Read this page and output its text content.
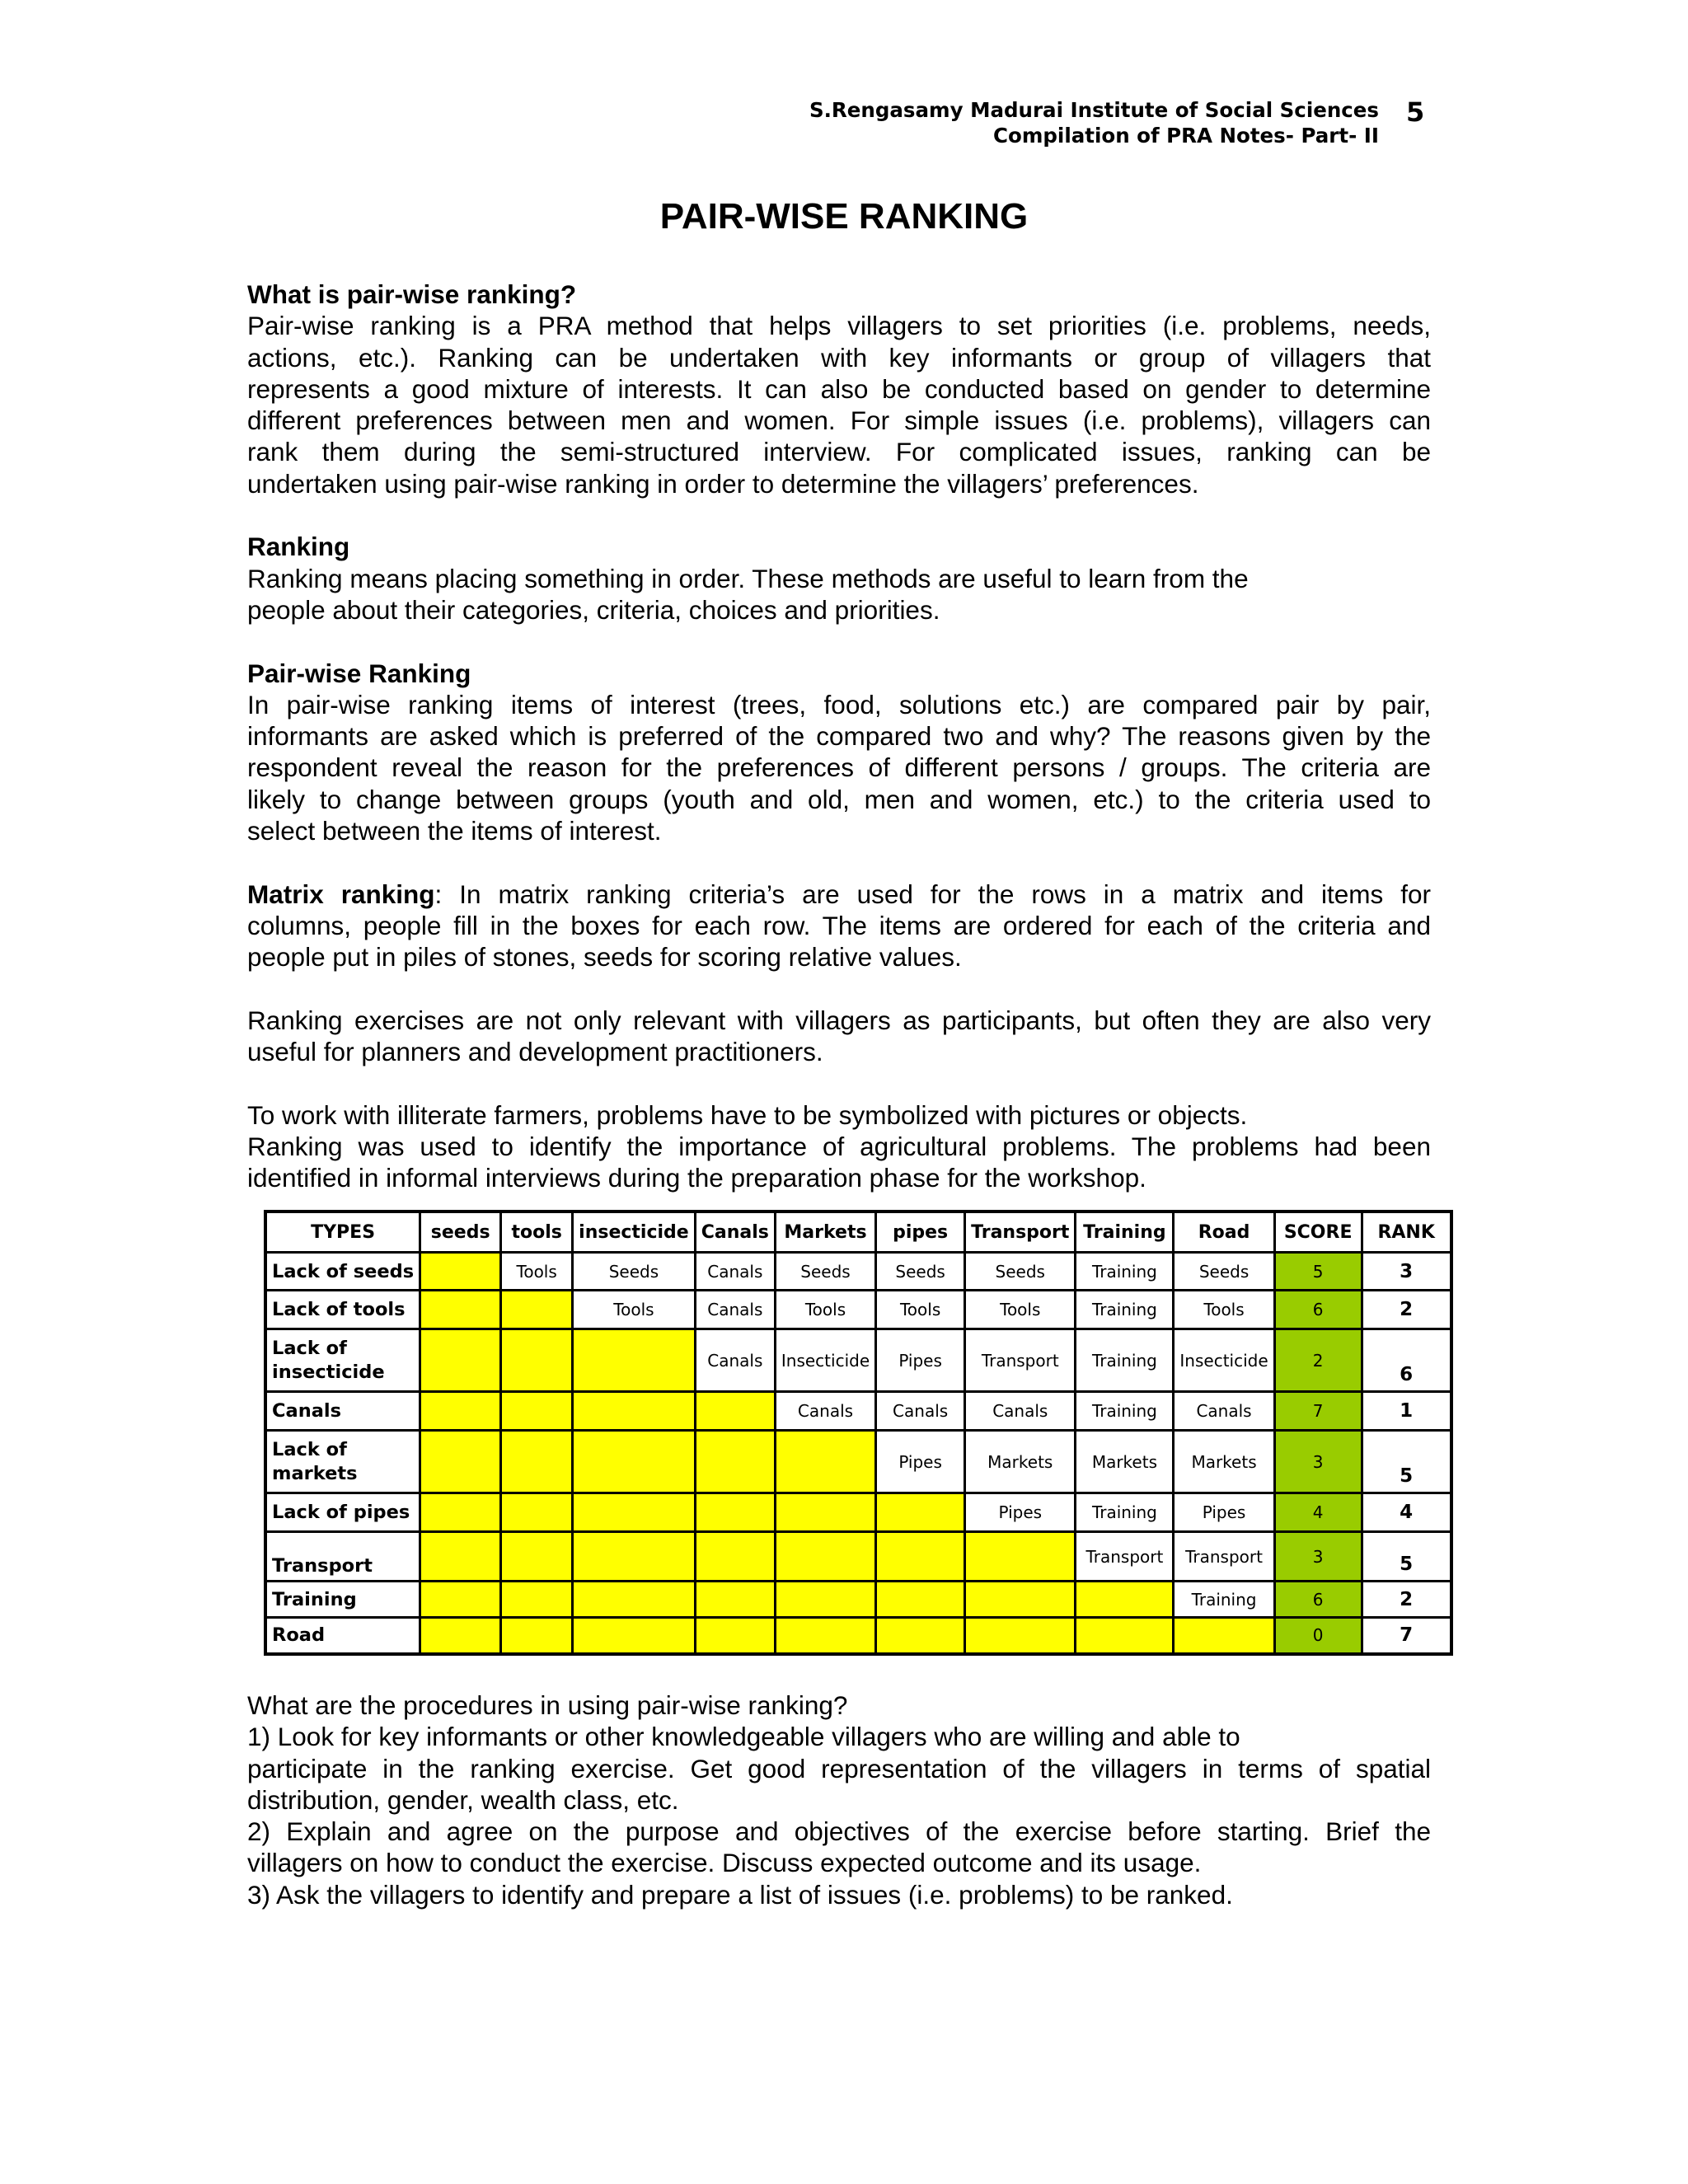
S.Rengasamy Madurai Institute of Social Sciences
Compilation of PRA Notes- Part- II
5
PAIR-WISE RANKING

What is pair-wise ranking?
Pair-wise ranking is a PRA method that helps villagers to set priorities (i.e. problems, needs,
actions, etc.). Ranking can be undertaken with key informants or group of villagers that
represents a good mixture of interests. It can also be conducted based on gender to determine
different preferences between men and women. For simple issues (i.e. problems), villagers can
rank them during the semi-structured interview. For complicated issues, ranking can be
undertaken using pair-wise ranking in order to determine the villagers’ preferences.

Ranking
Ranking means placing something in order. These methods are useful to learn from the
people about their categories, criteria, choices and priorities.

Pair-wise Ranking
In pair-wise ranking items of interest (trees, food, solutions etc.) are compared pair by pair,
informants are asked which is preferred of the compared two and why? The reasons given by the
respondent reveal the reason for the preferences of different persons / groups. The criteria are
likely to change between groups (youth and old, men and women, etc.) to the criteria used to
select between the items of interest.

Matrix ranking: In matrix ranking criteria’s are used for the rows in a matrix and items for
columns, people fill in the boxes for each row. The items are ordered for each of the criteria and
people put in piles of stones, seeds for scoring relative values.

Ranking exercises are not only relevant with villagers as participants, but often they are also very
useful for planners and development practitioners.

To work with illiterate farmers, problems have to be symbolized with pictures or objects.
Ranking was used to identify the importance of agricultural problems. The problems had been
identified in informal interviews during the preparation phase for the workshop.

TYPES	seeds	tools	insecticide	Canals	Markets	pipes	Transport	Training	Road	SCORE	RANK
Lack of seeds		Tools	Seeds	Canals	Seeds	Seeds	Seeds	Training	Seeds	5	3
Lack of tools			Tools	Canals	Tools	Tools	Tools	Training	Tools	6	2
Lack of insecticide				Canals	Insecticide	Pipes	Transport	Training	Insecticide	2	6
Canals					Canals	Canals	Canals	Training	Canals	7	1
Lack of markets						Pipes	Markets	Markets	Markets	3	5
Lack of pipes							Pipes	Training	Pipes	4	4
Transport								Transport	Transport	3	5
Training									Training	6	2
Road										0	7
What are the procedures in using pair-wise ranking?
1) Look for key informants or other knowledgeable villagers who are willing and able to
participate in the ranking exercise. Get good representation of the villagers in terms of spatial
distribution, gender, wealth class, etc.
2) Explain and agree on the purpose and objectives of the exercise before starting. Brief the
villagers on how to conduct the exercise. Discuss expected outcome and its usage.
3) Ask the villagers to identify and prepare a list of issues (i.e. problems) to be ranked.
